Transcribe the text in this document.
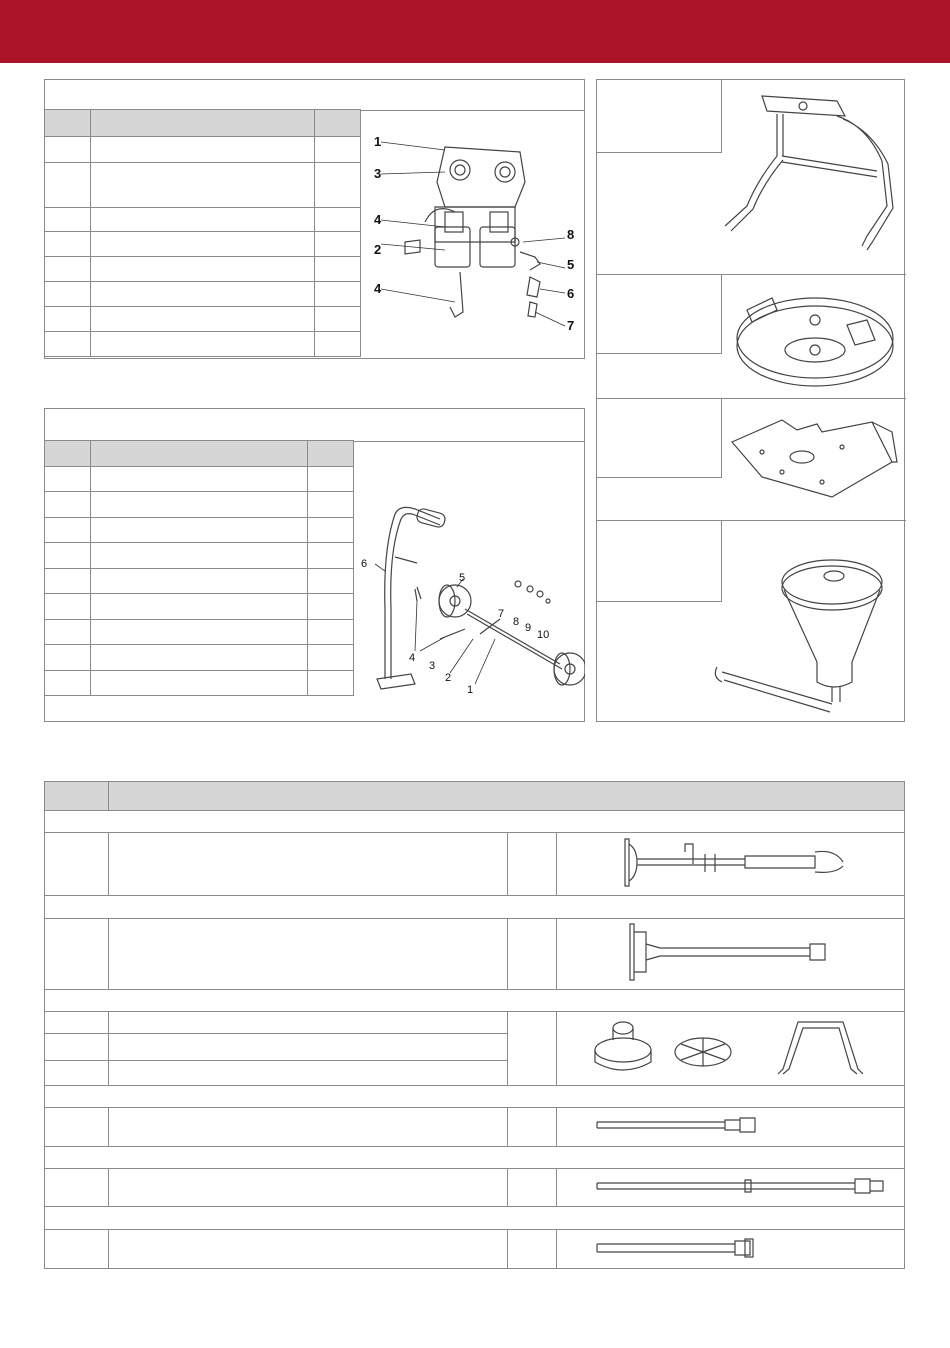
1
3
4
2
4
8
5
6
7

6
5
7
8 9
10
4
3
2
1
